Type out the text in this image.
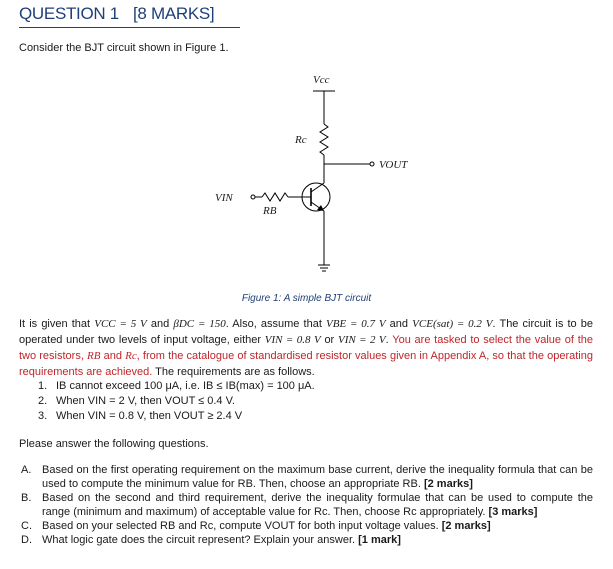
QUESTION 1 [8 MARKS]
Consider the BJT circuit shown in Figure 1.
Vcc
Rc
VOUT
VIN
RB
Figure 1: A simple BJT circuit

It is given that VCC = 5 V and βDC = 150. Also, assume that VBE = 0.7 V and VCE(sat) = 0.2 V. The circuit is to be operated under two levels of input voltage, either VIN = 0.8 V or VIN = 2 V. You are tasked to select the value of the two resistors, RB and Rc, from the catalogue of standardised resistor values given in Appendix A, so that the operating requirements are achieved. The requirements are as follows.

1. IB cannot exceed 100 μA, i.e. IB ≤ IB(max) = 100 μA.
2. When VIN = 2 V, then VOUT ≤ 0.4 V.
3. When VIN = 0.8 V, then VOUT ≥ 2.4 V
Please answer the following questions.
A. Based on the first operating requirement on the maximum base current, derive the inequality formula that can be used to compute the minimum value for RB. Then, choose an appropriate RB. [2 marks]
B. Based on the second and third requirement, derive the inequality formulae that can be used to compute the range (minimum and maximum) of acceptable value for Rc. Then, choose Rc appropriately. [3 marks]
C. Based on your selected RB and Rc, compute VOUT for both input voltage values. [2 marks]
D. What logic gate does the circuit represent? Explain your answer. [1 mark]
